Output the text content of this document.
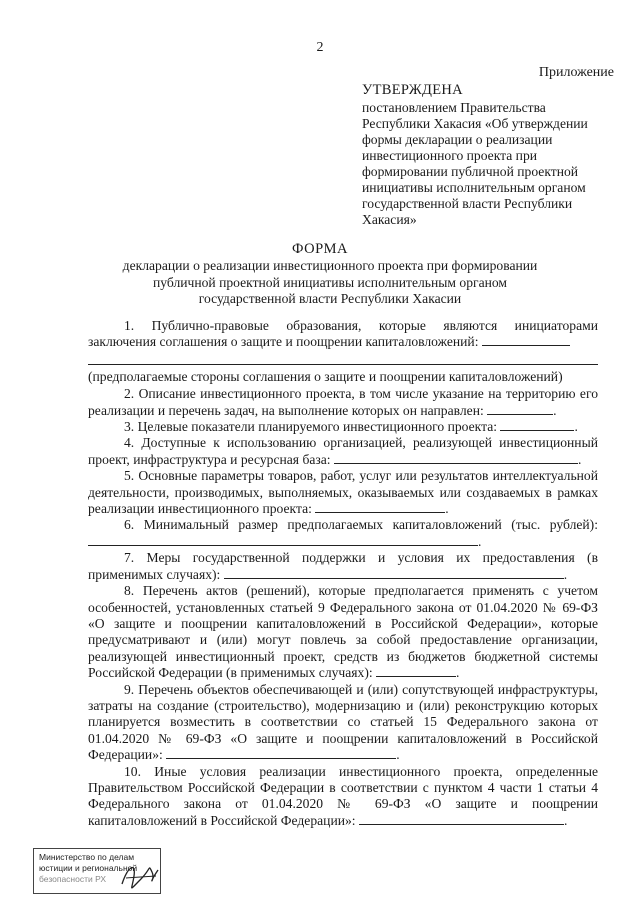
2
Приложение
УТВЕРЖДЕНА
постановлением Правительства Республики Хакасия «Об утверждении формы декларации о реализации инвестиционного проекта при формировании публичной проектной инициативы исполнительным органом государственной власти Республики Хакасия»
ФОРМА
декларации о реализации инвестиционного проекта при формировании публичной проектной инициативы исполнительным органом государственной власти Республики Хакасии

1. Публично-правовые образования, которые являются инициаторами заключения соглашения о защите и поощрении капиталовложений:

(предполагаемые стороны соглашения о защите и поощрении капиталовложений)

2. Описание инвестиционного проекта, в том числе указание на территорию его реализации и перечень задач, на выполнение которых он направлен:	.

3. Целевые показатели планируемого инвестиционного проекта:	.

4. Доступные к использованию организацией, реализующей инвестиционный проект, инфраструктура и ресурсная база:	.

5. Основные параметры товаров, работ, услуг или результатов интеллектуальной деятельности, производимых, выполняемых, оказываемых или создаваемых в рамках реализации инвестиционного проекта:	.

6. Минимальный размер предполагаемых капиталовложений (тыс. рублей): .

7. Меры государственной поддержки и условия их предоставления (в применимых случаях):	.

8. Перечень актов (решений), которые предполагается применять с учетом особенностей, установленных статьей 9 Федерального закона от 01.04.2020 № 69-ФЗ «О защите и поощрении капиталовложений в Российской Федерации», которые предусматривают и (или) могут повлечь за собой предоставление организации, реализующей инвестиционный проект, средств из бюджетов бюджетной системы Российской Федерации (в применимых случаях):	.

9. Перечень объектов обеспечивающей и (или) сопутствующей инфраструктуры, затраты на создание (строительство), модернизацию и (или) реконструкцию которых планируется возместить в соответствии со статьей 15 Федерального закона от 01.04.2020 № 69-ФЗ «О защите и поощрении капиталовложений в Российской Федерации»:	.

10. Иные условия реализации инвестиционного проекта, определенные Правительством Российской Федерации в соответствии с пунктом 4 части 1 статьи 4 Федерального закона от 01.04.2020 № 69-ФЗ «О защите и поощрении капиталовложений в Российской Федерации»:	.

Министерство по делам
юстиции и региональной
безопасности РХ
